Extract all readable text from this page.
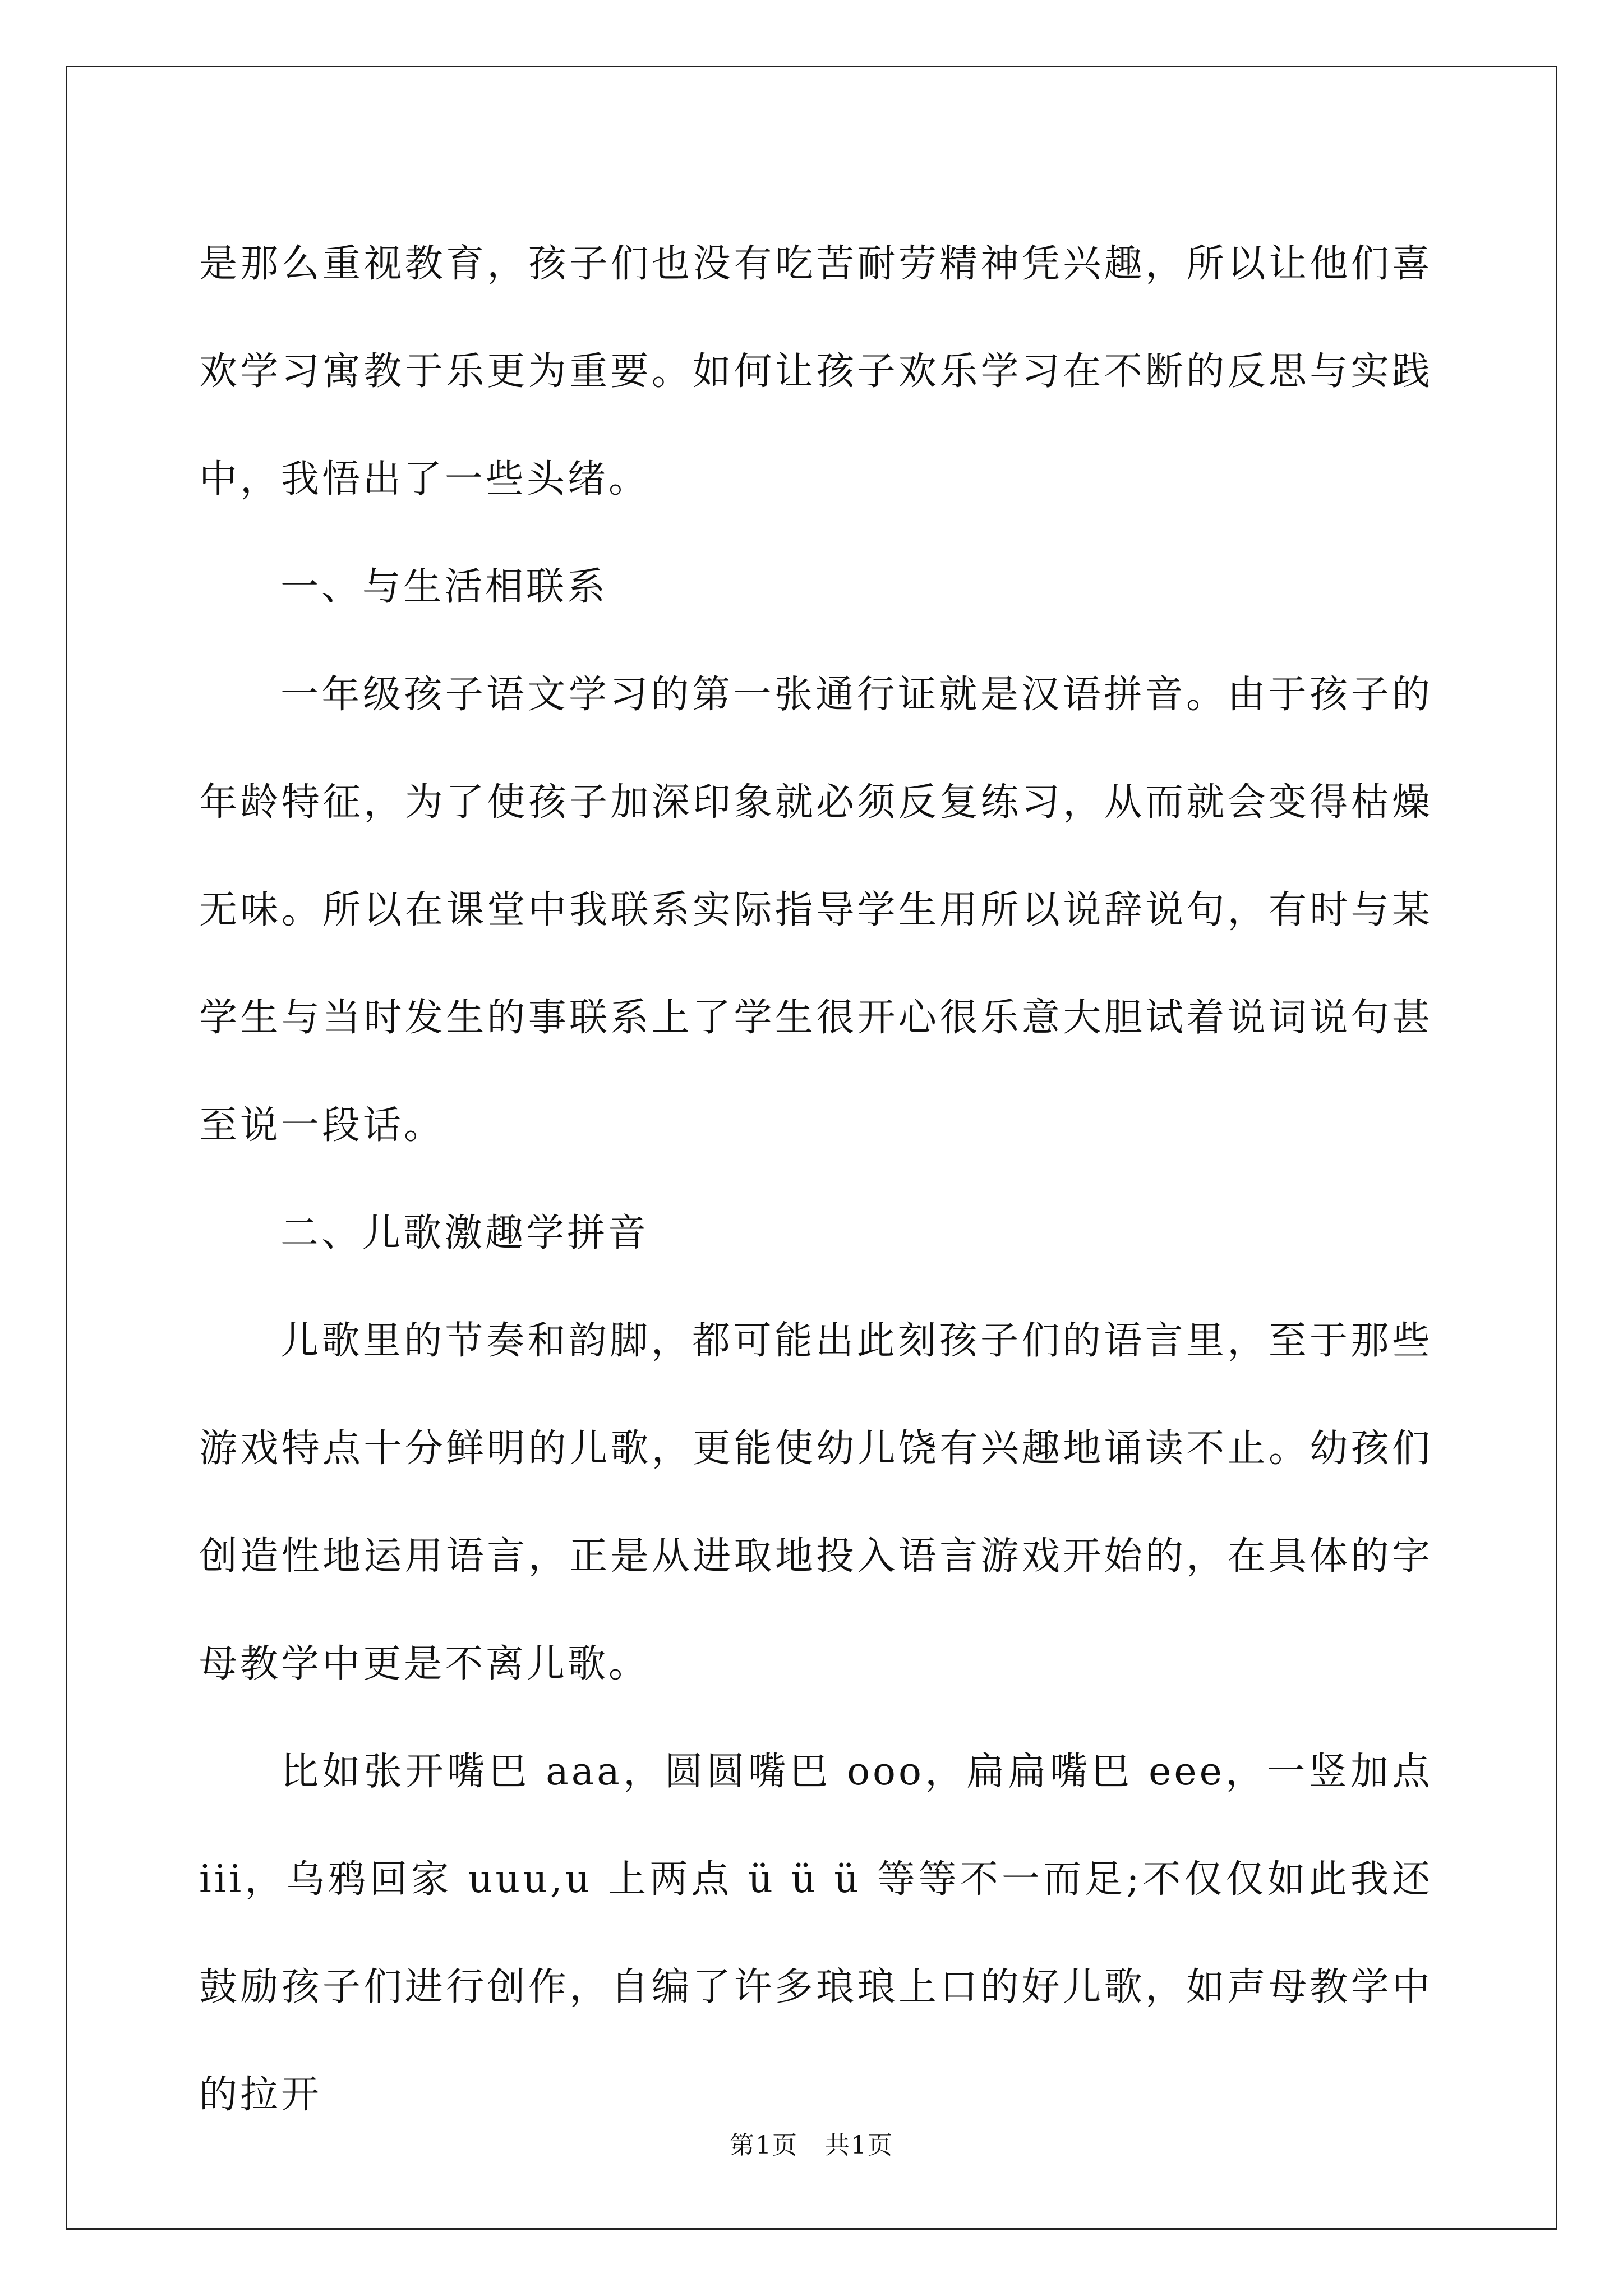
是那么重视教育，孩子们也没有吃苦耐劳精神凭兴趣，所以让他们喜欢学习寓教于乐更为重要。如何让孩子欢乐学习在不断的反思与实践中，我悟出了一些头绪。

一、与生活相联系

一年级孩子语文学习的第一张通行证就是汉语拼音。由于孩子的年龄特征，为了使孩子加深印象就必须反复练习，从而就会变得枯燥无味。所以在课堂中我联系实际指导学生用所以说辞说句，有时与某学生与当时发生的事联系上了学生很开心很乐意大胆试着说词说句甚至说一段话。

二、儿歌激趣学拼音

儿歌里的节奏和韵脚，都可能出此刻孩子们的语言里，至于那些游戏特点十分鲜明的儿歌，更能使幼儿饶有兴趣地诵读不止。幼孩们创造性地运用语言，正是从进取地投入语言游戏开始的，在具体的字母教学中更是不离儿歌。

比如张开嘴巴 aaa，圆圆嘴巴 ooo，扁扁嘴巴 eee，一竖加点 iii，乌鸦回家 uuu,u 上两点 ü ü ü 等等不一而足;不仅仅如此我还鼓励孩子们进行创作，自编了许多琅琅上口的好儿歌，如声母教学中的拉开

第1页   共1页
